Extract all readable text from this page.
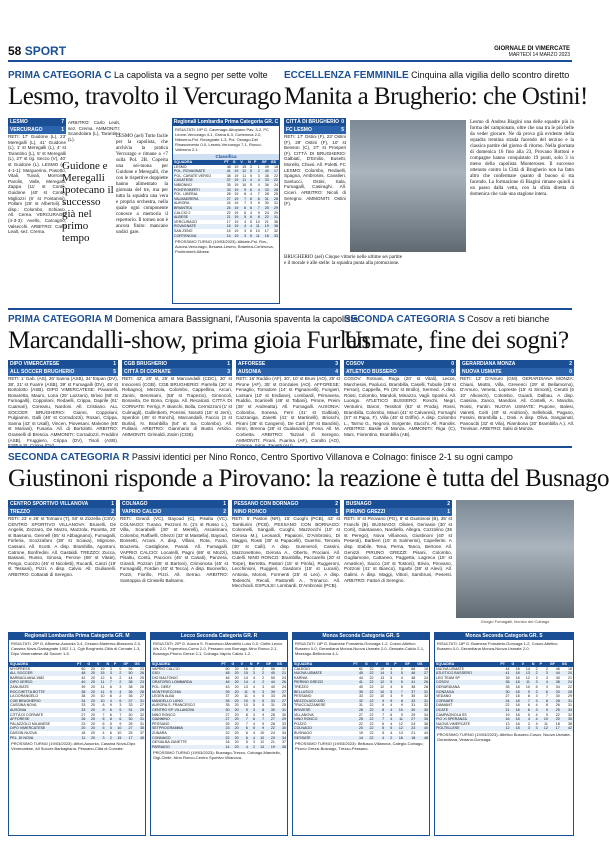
58 SPORT	GIORNALE DI VIMERCATE
MARTEDÌ 14 MARZO 2023
PRIMA CATEGORIA C La capolista va a segno per sette volte
Lesmo, travolto il Vercurago
ECCELLENZA FEMMINILE Cinquina alla vigilia dello scontro diretto
Manita a Brugherio: che Ostini!
LESMO	7
VERCURAGO	1
RETI: 17' Guidone (L), 23' Meregalli (L), 41' Guidone (L), 1' st Meregalli (L), 4' st Tarantino (L), 5' st Meregalli (L), 27' st rig. Secco (V), 40' st Guidone (L). LESMO (4-4-1-1): Marguerino, Pasotto, Vitali, Tuvali, Morrone, Parolin, Valle, Meregalli, Zappa (11' st Conti), Guidone (40' st Conti), Migliozzi (6' st Fontanini), Pollam (26' st Albertoli). A disp.: Colombo, Schiavo. All. Cerea. VERCURAGO (4-3-3): Avello, Carcagno, Valsecchi. ARBITRO: Carlo Lealt, sez. Crema.
Guidone e Meregalli ipotecano il successo già nel primo tempo
ARBITRO: Carlo Lealt, sez. Crema. AMMONITI: Scandolara (L), Tarantino (L).
LESMO (ael) Tutto facile per la capolista, che archivia la pratica Vercurago e rimane a +7 sulla Pol. 2B. Coperta una sei-tuona per Guidone e Meregalli, che con le rispettive doppiette hanno alimentato la giornata del tre, ma per tutta la squadra una vera e propria orchestra, nella quale ogni componente conosce a memoria il repertorio. Il torneo non è ancora finito: mancano undici gare.
Regionali Lombardia Prima Categoria GR. C
RISULTATI: 19ª G. Cavenago-Altopiano Pav. 3-2, PC Leone-Vercurago 4-1, Grana 6-3, Cortenova 2-0, Nibionno-Pol. Rovagnate 1-3, Pol. Osnago-Del Rinascimento 0-0, Lesmo-Vercurago 7-1, Ronco-Valbrona 2-1.
Classifica
SQUADRA	PT	G	V	N	P	GF	GS
LESMO	48	19	15	3	1	49	18
POL. ROVAGNATE	41	19	12	5	2	40	17
POL. CARATE VERSO	38	19	11	5	3	38	22
CASATESE	37	19	11	4	4	33	22
NIBIONNO	35	19	10	5	4	36	24
PONTEOBERTI	33	19	9	6	4	33	28
POL. LIBERAL	28	19	8	4	7	28	25
VALMADRERA	27	19	7	6	6	31	28
AURORA	24	19	7	3	9	30	31
BRIANTEA	24	19	6	6	7	25	29
CALCIO 2	22	19	6	4	9	24	29
ALBESE	21	19	5	6	8	22	31
VERCURAGO	17	19	4	5	10	21	36
ROVAGNATE	16	19	4	4	11	19	36
SAN ZENO	15	19	3	6	10	17	32
CORTENOVA	14	19	3	5	11	16	33
PROSSIMO TURNO (19/03/2023): Albiate-Pol. Rov., Aurora-Vercurago, Besana-Lesmo, Briantea-Cortenova, Ponteoberti-Albese.
CITTÀ DI BRUGHERIO 0
FC LESMO	5
RETI: 17' Ostini (F), 23' Ostini (F), 29' Ostini (F), 10' st Benson (C), 27' st Prosperi (F). CITTÀ DI BRUGHERIO: Galbiati, D'Emilio, Busetti, Morello, Chiusi. All. Poletti. FC LESMO: Colombo, Redaelli, Spagna, Ambrosini, Cavalieri, Santucci, Ostini, Sala, Fumagalli, Casiraghi. All. Ciceri. ARBITRO: Nicoli di Seregno. AMMONITI: Ostini (F).
BRUGHERIO (ael) Cinque vittorie nelle ultime sei partite e il morale è alle stelle: la squadra punta alla promozione.
Lesmo di Andrea Biagini una delle squadre più in forma del campionato, oltre che una tra le più belle da veder giocare. Ne dà prova già evidente della squadra trentina strada facendo del terzino e la classica partite del giorno di ritorno. Nella giornata di domenica 16 fino alla 23, Provano Rottoni e compagne hanno conquistato 19 punti, solo 3 in meno della capolista Monteroseo. Il successo ottenuto contro la Città di Brugherio non ha fatto altro che confermare quanto di buono si sta facendo. La formazione di Biagini rimane quindi a un passo dalla vetta, con la sfida diretta di domenica che vale una stagione intera.
PRIMA CATEGORIA M Domenica amara Bassignani, l'Ausonia spaventa la capolista
Marcandalli-show, prima gioia Furlan
SECONDA CATEGORIA S Cosov a reti bianche
Usmate, fine dei sogni?
DIPO VIMERCATESE	1
ALL SOCCER BRUGHERIO	5
RETI: 1' Gab. (AS), 26' Sanna (ASB), 34' Espan (DV), 38', 21' st Fuarre (ASB), 39' st Fumagalli (DV), 45' st Bortolotto (ASB). DIPO VIMERCATESE: Pavanelli, Bonaretta, Mauro, Lona (25' Lazzaro), Brivio (58' st Fumagalli), Coppolani, Redaelli, Crippa, Daprile (61' Cuamari), Coreanu, Nardoni. All. Cristiano. ALL SOCCER BRUGHERIO: Gianni, Coppolani, Pulgiamm, Galli (46' st Corradozzi), Rosari, Crippa, Sanna (42' st Usall), Vincen, Piovesani, Malvone (65' st Mariani), Fusaria. All. di Bortolotti. ARBITRO: Grasselli di Brescia. AMMONITI: Corradozzi, Freddini (ASB), Fruggiero, Crippa (DV), Tisoli (ASB).
CGB BRUGHERIO	1
CITTÀ DI CORNATE	3
RETI: 42', 20' st, 25' st Marcandalli (CDC), 30' st Innocenti (CGB). CGB BRUGHERIO: Parrella (20' st Rebagno), Mezzola, Colombo, Cappellina, Arcuri, Zanini, Bennsami, (58' st Trapezio), Ginnocoli, Bonavita, De Bona, Crippa. All. Recalcati. CITTÀ DI CORNATE: Ferrigi, F. Bianchi, Bolla, Cermizzoni (1' st Culmagli), Gallimberti, Ponsini, Nosotti (18' st Jerri), Sperdon (45' st Ronchi), Marcandalli, Faccio (3 st Burlai), N. Brambilla (54' st Sa. Colombo). All. Pulitani. ARBITRO: Gianmario di Busto Arsizio. AMMONITI: Grimaldi, Zatim (CGB).
AFFORESE	3
AUSONIA	4
RETI: 16' Ruddio (AF), 30', 10' st Bruni (AO), 25' st Pirone (AF), 35' st Gonzales (AO). AFFORESE: Fenaglio, Tornatore (14' st Pignancelli), Fungieri, Lossani (10' st Endiane), Lombardi, Primavera, Ruddio, Scarinelli (46' st Tabani), Pirone, Preim (36' st Andreatta). All. Fumagalli. AUSONIA: Colombo, Sonesa, Ferri (41' st Galbiati), Cazzaniga, Zanetti (41' st Martinelli), Brioschi, Pirani (36' st Cangemi), De Carli (28' st Bandini), Siron, Brenna (28' st Gualandoni), Pena. All. M. Corbetta. ARBITRO: Tazzari di Seregno. AMMONITI: Pirani, Fuarina (AF), Carulto (AO),
COSOV	0
ATLETICO BUSSERO	0
COSOV: Rotnani, Ruga (20' st Vitali), Lecce, Marchesini, Paolucci, Brambilla, Caselli, Tubulle (25' st Ferrari), Cappella, Po (25' st Brollo), Sermed. A disp. Rossi, Colombo, Mandoli, Minazzo, Vagli. Sposini. All. Luongo. ATLETICO BUSSERO: Ronchi, Negri, Venturini, Baron, Tessitori (82' st Proda), Rossi, Brambilla, Colombo, Mauri (41' st Calvaresi), Fornaghi (57' st Papa, F). Villa (45' st Griffin). A disp. Colombo L., Tarmo G., Negroni, Sorgente, Stucchi. All. Ranolis. ARBITRO: Basile di Monza. AMMONITI: Riga (C), Marc, Fiorentino, Brambilla (AB).
GERARDIANA MONZA	2
NUOVA USMATE	0
RETI: 13' D'Amuro (GM). GERARDIANA MONZA: Chiani, Miotto, Villa, Grevenci (29' st Bellamorno), D'Amuro, Veneta, Lopreste (15' st Simonti), Cerutti (6 10' Alkovich), Colombo, Guardi, Dalbau. A disp. Cassina, Zanco, Mandoni. All. Costelli, A. Mandra, Rossi, Fantin. NUOVA USMATE: Pupone, Balesi, Vairetti, Corti (40' st Andrioni), Selleboidi, Pagano, Fossini, Brambilla L., Dosi. A disp. Oliva, Sanguinati, Panoucbi (32' st Vila), Riambona (30' Brambilla A.). All. Trevisan. ARBITRO: Salsi di Monza.
SECONDA CATEGORIA R Passivi identici per Nino Ronco, Centro Sportivo Villanova e Colnago: finisce 2-1 su ogni campo
Giustinoni risponde a Pirovano: la reazione è tutta del Busnago
CENTRO SPORTIVO VILLANOVA	1
TREZZO	2
RETI: 23' e 26' st Tomaini (T), 50' st Zizzella (CSV). CENTRO SPORTIVO VILLANOVA: Brunelli, De Angelis, Zezzaro, De Marzo, Mazzola, Panetta, 20' st Bassano, Gennell (65' st Abbagnano), Fumagalli, Forleria, Scozzafaro (38' st Sciava), Mignone, Cassani. All. Scotti. A disp. Brambilla, Agostoni, Catrone, Bonfredini. All. Gastaldi. TREZZO: Zucca, Bassani, Russo, Ginosa, Perone (89' st Vitale), Pengo, Cuozzo (46' st Nicoletti), Rucardi, Canzi (19' st Tessani), Pizzi. A disp. Calvio. All. Giulianelli. ARBITRO: Cottarati di Seregno.
COLNAGO	1
VAPRIO CALCIO	2
RETI: Girardi (VC), Bayoud (C), Pisaltu (VC). COLNAGO: Turano, Pezzoni N. (1's st Russo L.), Villa, Scarabelli (30' st Merelli), Ascalonani, Colombo, Raffaelli, Ghezzi (33' st Mastella), Bayoud, Bonsetti, Arcani. A disp. Villani, Rota, Facto, Bouzerta, Castiglione, Panati. All. Fumagalli. VAPRIO CALCIO: Locatelli, Pagni (86' st Mozzi), Pisaltu, Contù, Paccioni (45' st Casati), Panzera, Girardi, Pozzan (25' st Bartoni), Crimonosa (45' st Fumagalli), Fordan (40' st Tecca). A disp. Buonerbo, Pozzi, Fiorillo, Pizzi. All. Serrao. ARBITRO: Santoppia di Cinisello Balsamo.
PESSANO CON BORNAGO	2
NINO RONCO	1
RETI: 5' Pastori (NR), 15' Cuoghi (PCB), 43' st Tamburini (PCB). PESSANO CON BORNAGO: Colonnelli, Sangalli, Cuoghi, Mazzocchi (10' st Gerosa M.), Leonardi, Papaioni, D'Ambrosio, Di Maggio, Rossi (30' st Papacelli), Guerrisi, Tencela (30' st Calli). A disp. Gusmeroli, Cassini, Mazzonettone, Gerosa A., Oberto, Prociani. All. Cutelli. NINO RONCO: Brambilla, Paccarello (20' st Torpe), Berretta, Pastori (15' st Pirola), Ruggeroni, Lecchinioni, Ruggieri, Gasdomi (15' st Lucarii), Antonia, Moroni, Formenti (25' st Leo). A disp. Tedeschi, Recoli, Pastorelli A., Trimarco. All. Mecchiodi. ESPULSI: Lombardi, D'Ambrosio (PCB).
BUSNAGO	2
PIRUNO GREZZI	1
RETI: 8' st Pirovano (PG), 8' st Giustinoni (B), 35' st Franchi (B). BUSNAGO: Olivieri, Gervasio (30' st Corti), Giantavano, Nardiello, Allegra, Cozzolino (36 st Perego), Nova Villanova, Giustinoni (40' st Pesenti), Barbieri (15' st Salmerini), Capellerini. A disp. Stabile, Tena, Perna, Tanco, Bertone. All. Genizzi. PIRUNO GREZZI: Pisani, Colombo, Gugliamone, Cattaneo, Paggetta, Lagreca (15' st Amatrice), Sacco (18' st Tostoni), Brivio, Pirovano, Pozzoni (41' st Bianco), Sgarbi (36' st Alevi). All. Galimi. A disp. Maggi, Vittori, Sambruni, Pesenti. ARBITRO: Fattori di Seregno.
Giorgio Fumagalli, tecnico del Colnago
Regionali Lombardia Prima Categoria GR. M
RISULTATI: 20ª G. Afforese-Ausonia 3-4, Cesano Maderno-Biassono 2-0, Cassina Nova-Garbagnate 1002 1-1, Cgb Brugherio-Città di Cornate 1-3, Dipo Vimercatese-All Soccer 1-5.
SQUADRA	PT	G	V	N	P	GF	GS
MYSPRESS	60	20	19	3	0	56	23
ALL SOCCER	48	20	15	3	2	50	26
BARBAGLIANA 1982	42	20	12	6	2	44	25
DIPO VERSO	40	20	11	7	2	38	23
ZANUSATE	39	20	11	6	3	38	26
ROCCHETTA BOTTE	38	20	11	5	4	36	28
LA DORANGELO	38	20	10	8	2	36	27
CGB BRUGHERIO	34	20	10	4	6	37	31
CASSINA NOVA	33	20	8	9	3	33	27
AUSONIA	33	20	9	6	5	31	29
CITTÀ DI CORNATE	27	20	7	6	7	30	32
AFFORESE	26	20	6	8	6	30	31
PALAZZOLO MILANESE	23	20	6	5	9	25	31
DIPO VIMERCATESE	20	20	5	5	10	27	35
DASSIN NUOVA	18	20	4	6	10	25	37
PEL. DI NOVA	11	20	3	2	15	17	45
PROSSIMO TURNO (19/03/2023): Affori-Ausonia, Cassina Nova-Dipo Vimercatese, All Soccer-Barbagliana, Pessano-Città di Cornate.
Lecco Seconda Categoria GR. R
RISULTATI: 20ª G. Aurora S. Francesco-Mandello Luno 0-0, Cielle-Lecco Ws 2-0, Popeneico-Como 2-0, Pessano con Bornago-Nino Ronco 2-1, Busnago-Piruno Grezzi 2-1, Colnago-Vaprio Calcio 1-2.
SQUADRA	PT	G	V	N	P	GF	GS
VAPRIO CALCIO	50	20	16	2	2	56	17
GIGI	48	20	15	3	2	45	21
DIG MALTONIO	46	20	14	4	2	50	24
ORATORIO LOMBARDA	46	20	14	4	2	44	26
POL. DEBY	43	20	13	4	3	40	24
MONTEVECCHIA	39	20	11	6	3	39	27
LEGEN ALBA	37	20	11	4	5	33	26
MANDELLO LUNO	35	20	10	5	5	33	27
AURORA S. FRANCESCO	35	20	10	5	5	31	25
CENTRO SP. VILLANOVA	30	20	9	3	8	30	31
NINO RONCO	27	20	8	3	9	28	30
GIANNINO	27	20	7	6	7	27	29
PESSANO	25	20	7	4	9	28	33
SETPROGRAMMA	23	20	6	5	9	22	30
ZUNARA	22	20	6	4	10	24	34
CONNAGO	22	20	6	4	10	23	34
GESIALBA ZANETTE	18	20	5	3	12	21	37
PARNAGO	14	20	4	2	14	19	45
PROSSIMO TURNO (19/03/2023): Busnago-Trezzo, Colnago-Mandello, Gigi-Cielle, Nino Ronco-Centro Sportivo Villanova.
Monza Seconda Categoria GR. S
RISULTATI: 18ª G. Buanese Fornaleto-Gonzaga 1-2, Cosov-Atletico Bussero 0-0, Gerardiana Monza-Nuova Usmate 2-0, Gessate-Calcio 2-1, Mezzago-Bellinzona 4-1.
SQUADRA	PT	G	V	N	P	GF	GS
CALEGIO	61	22	19	4	0	68	18
NUOVA USMATE	45	22	14	3	5	46	27
KARNIA	44	22	13	5	4	48	24
PIERINO GREZZI	41	22	12	5	5	41	26
TREZZO	40	22	12	4	6	38	28
BELLUSCO	35	22	10	5	7	37	31
PESSANO	33	22	10	3	9	35	32
MEZZOLAGO ASD	32	22	9	5	8	33	31
TRUCCAZZANESE	31	22	9	4	9	31	32
BRIVIESE	28	22	8	4	10	30	35
VILLANOVA	27	22	7	6	9	29	34
NINO RONCO	25	22	7	4	11	27	35
POZZO	22	22	6	4	12	24	38
COLNAGO	20	22	5	5	12	23	40
BUSNAGO	19	22	5	4	13	21	44
GESSATE	14	22	4	2	16	18	48
PROSSIMO TURNO (19/03/2023): Bellusco-Villanova, Calegio-Colnago, Piruno Grezzi-Busnago, Trezzo-Pessano.
Monza Seconda Categoria GR. S
RISULTATI: 18ª G. Buanese Fornaleto-Gonzaga 1-2, Cosov-Atletico Bussero 0-0, Gerardiana Monza-Nuova Usmate 2-0.
SQUADRA	PT	G	V	N	P	GF	GS
NUOVA USMATE	44	18	14	2	2	46	18
ATLETICO BUSSERO	41	18	13	2	3	44	20
LEO TEAM SP	39	18	12	3	3	40	21
COSOV	36	18	11	3	4	38	24
GERARDIANA	35	18	10	5	3	34	22
GONZAGA	30	18	9	3	6	33	28
VEDANO	27	18	8	3	7	30	29
CORNATE	24	18	7	3	8	28	31
DIAMANT	22	18	6	4	8	26	31
OCATE	21	18	6	3	9	25	33
CAMPAGNOLA SS	19	18	5	4	9	22	32
PIO XI SPERANZA	16	18	4	4	10	20	35
NUOVA VIMERCATE	13	18	3	4	11	18	38
PIOLTELLESE	12	18	3	3	12	17	42
PROSSIMO TURNO (19/03/2023): Atletico Bussero-Cosov, Nuova Usmate-Gerardiana, Vedano-Gonzaga.
